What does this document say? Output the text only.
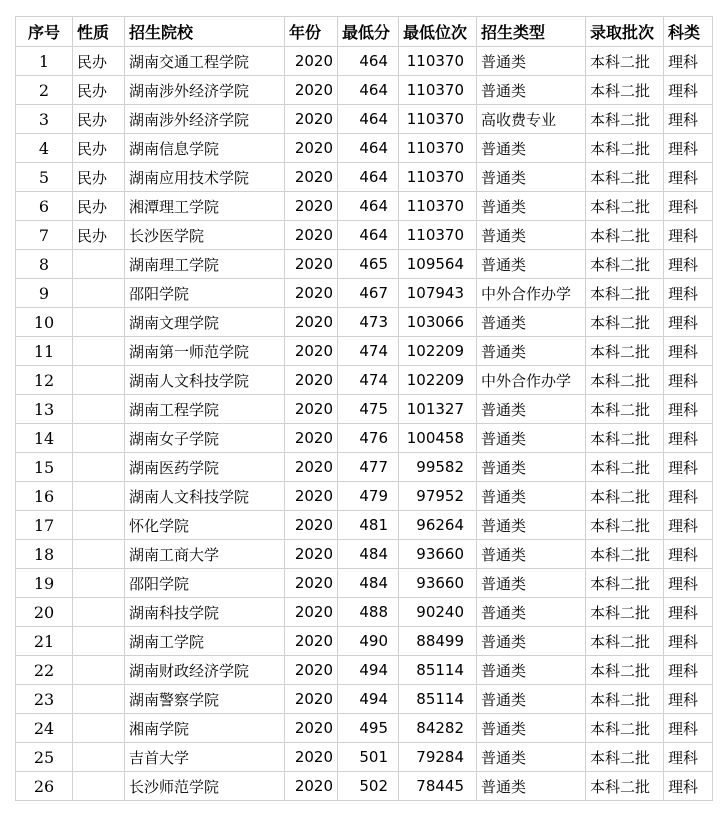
序号	性质	招生院校	年份	最低分	最低位次	招生类型	录取批次	科类
1	民办	湖南交通工程学院	2020	464	110370	普通类	本科二批	理科
2	民办	湖南涉外经济学院	2020	464	110370	普通类	本科二批	理科
3	民办	湖南涉外经济学院	2020	464	110370	高收费专业	本科二批	理科
4	民办	湖南信息学院	2020	464	110370	普通类	本科二批	理科
5	民办	湖南应用技术学院	2020	464	110370	普通类	本科二批	理科
6	民办	湘潭理工学院	2020	464	110370	普通类	本科二批	理科
7	民办	长沙医学院	2020	464	110370	普通类	本科二批	理科
8		湖南理工学院	2020	465	109564	普通类	本科二批	理科
9		邵阳学院	2020	467	107943	中外合作办学	本科二批	理科
10		湖南文理学院	2020	473	103066	普通类	本科二批	理科
11		湖南第一师范学院	2020	474	102209	普通类	本科二批	理科
12		湖南人文科技学院	2020	474	102209	中外合作办学	本科二批	理科
13		湖南工程学院	2020	475	101327	普通类	本科二批	理科
14		湖南女子学院	2020	476	100458	普通类	本科二批	理科
15		湖南医药学院	2020	477	99582	普通类	本科二批	理科
16		湖南人文科技学院	2020	479	97952	普通类	本科二批	理科
17		怀化学院	2020	481	96264	普通类	本科二批	理科
18		湖南工商大学	2020	484	93660	普通类	本科二批	理科
19		邵阳学院	2020	484	93660	普通类	本科二批	理科
20		湖南科技学院	2020	488	90240	普通类	本科二批	理科
21		湖南工学院	2020	490	88499	普通类	本科二批	理科
22		湖南财政经济学院	2020	494	85114	普通类	本科二批	理科
23		湖南警察学院	2020	494	85114	普通类	本科二批	理科
24		湘南学院	2020	495	84282	普通类	本科二批	理科
25		吉首大学	2020	501	79284	普通类	本科二批	理科
26		长沙师范学院	2020	502	78445	普通类	本科二批	理科
